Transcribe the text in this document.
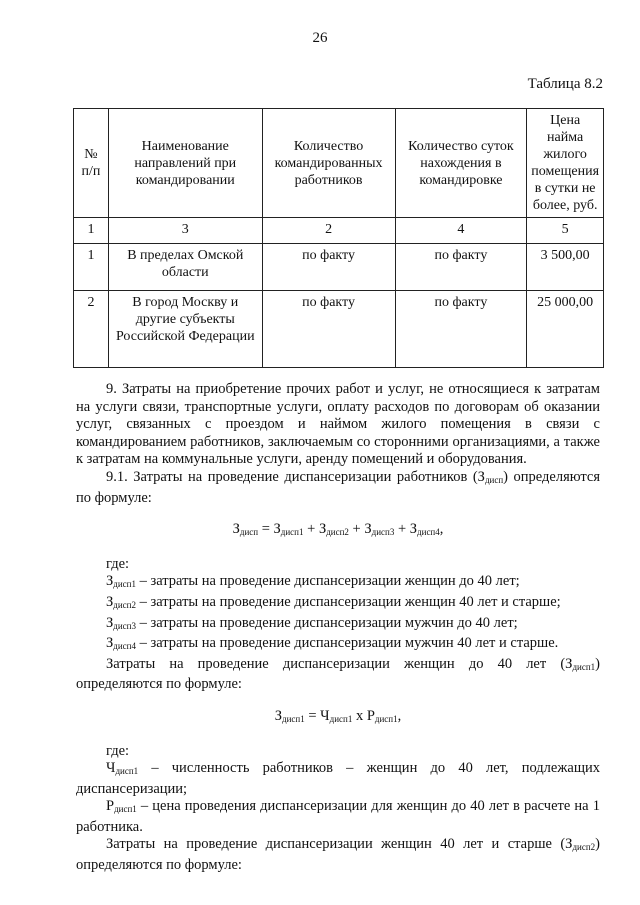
26
Таблица 8.2
№ п/п	Наименование направлений при командировании	Количество командированных работников	Количество суток нахождения в командировке	Цена найма жилого помещения в сутки не более, руб.
1	3	2	4	5
1	В пределах Омской области	по факту	по факту	3 500,00
2	В город Москву и другие субъекты Российской Федерации	по факту	по факту	25 000,00

9. Затраты на приобретение прочих работ и услуг, не относящиеся к затратам на услуги связи, транспортные услуги, оплату расходов по договорам об оказании услуг, связанных с проездом и наймом жилого помещения в связи с командированием работников, заключаемым со сторонними организациями, а также к затратам на коммунальные услуги, аренду помещений и оборудования.

9.1. Затраты на проведение диспансеризации работников $(З_{дисп})$ определяются по формуле:

$З_{дисп} = З_{дисп1} + З_{дисп2} + З_{дисп3} + З_{дисп4}$,

где:

$З_{дисп1}$ – затраты на проведение диспансеризации женщин до 40 лет;

$З_{дисп2}$ – затраты на проведение диспансеризации женщин 40 лет и старше;

$З_{дисп3}$ – затраты на проведение диспансеризации мужчин до 40 лет;

$З_{дисп4}$ – затраты на проведение диспансеризации мужчин 40 лет и старше.

Затраты на проведение диспансеризации женщин до 40 лет $(З_{дисп1})$ определяются по формуле:

$З_{дисп1} = Ч_{дисп1}$ х $Р_{дисп1}$,

где:

$Ч_{дисп1}$ – численность работников – женщин до 40 лет, подлежащих диспансеризации;

$Р_{дисп1}$ – цена проведения диспансеризации для женщин до 40 лет в расчете на 1 работника.

Затраты на проведение диспансеризации женщин 40 лет и старше $(З_{дисп2})$ определяются по формуле:
